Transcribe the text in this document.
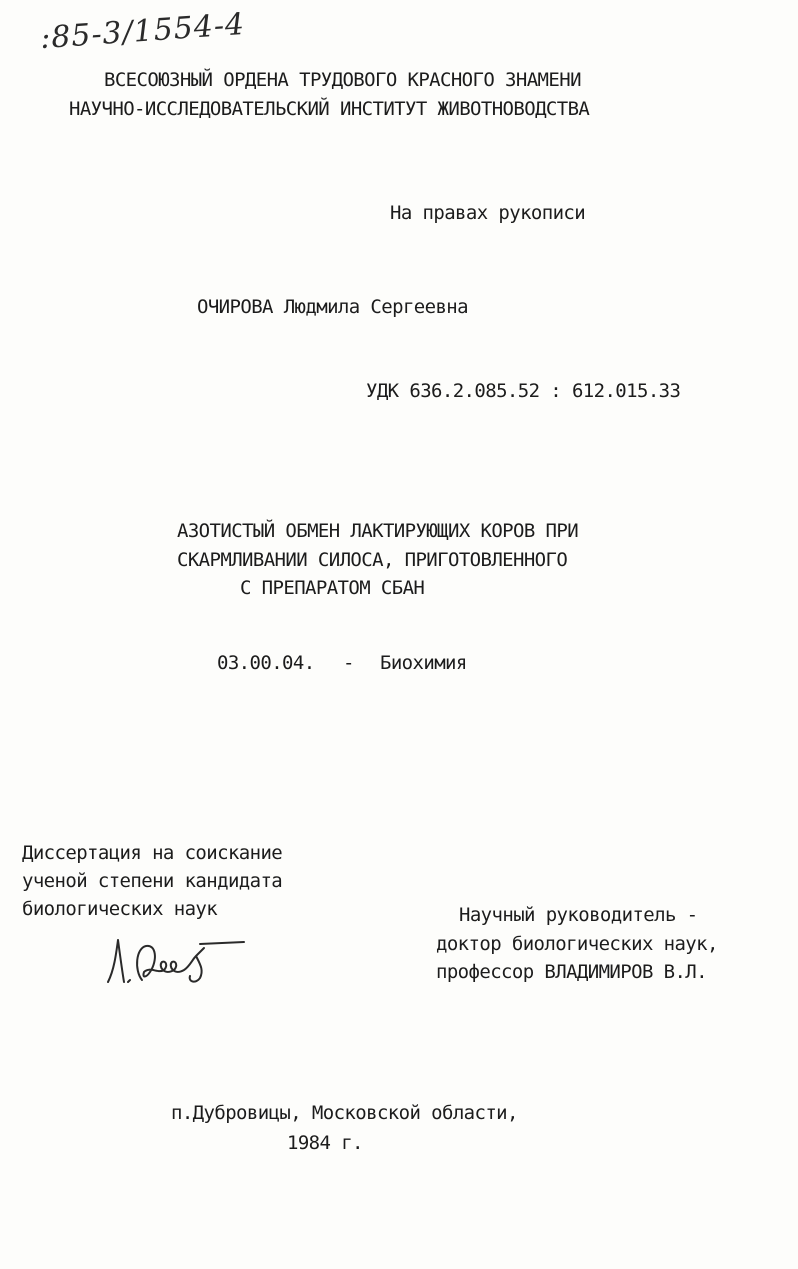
:85-3/1554-4
ВСЕСОЮЗНЫЙ ОРДЕНА ТРУДОВОГО КРАСНОГО ЗНАМЕНИ
НАУЧНО-ИССЛЕДОВАТЕЛЬСКИЙ ИНСТИТУТ ЖИВОТНОВОДСТВА
На правах рукописи
ОЧИРОВА Людмила Сергеевна
УДК 636.2.085.52 : 612.015.33
АЗОТИСТЫЙ ОБМЕН ЛАКТИРУЮЩИХ КОРОВ ПРИ
СКАРМЛИВАНИИ СИЛОСА, ПРИГОТОВЛЕННОГО
С ПРЕПАРАТОМ СБАН
03.00.04. - Биохимия
Диссертация на соискание
ученой степени кандидата
биологических наук	Научный руководитель -
доктор биологических наук,
профессор ВЛАДИМИРОВ В.Л.
п.Дубровицы, Московской области,
1984 г.
